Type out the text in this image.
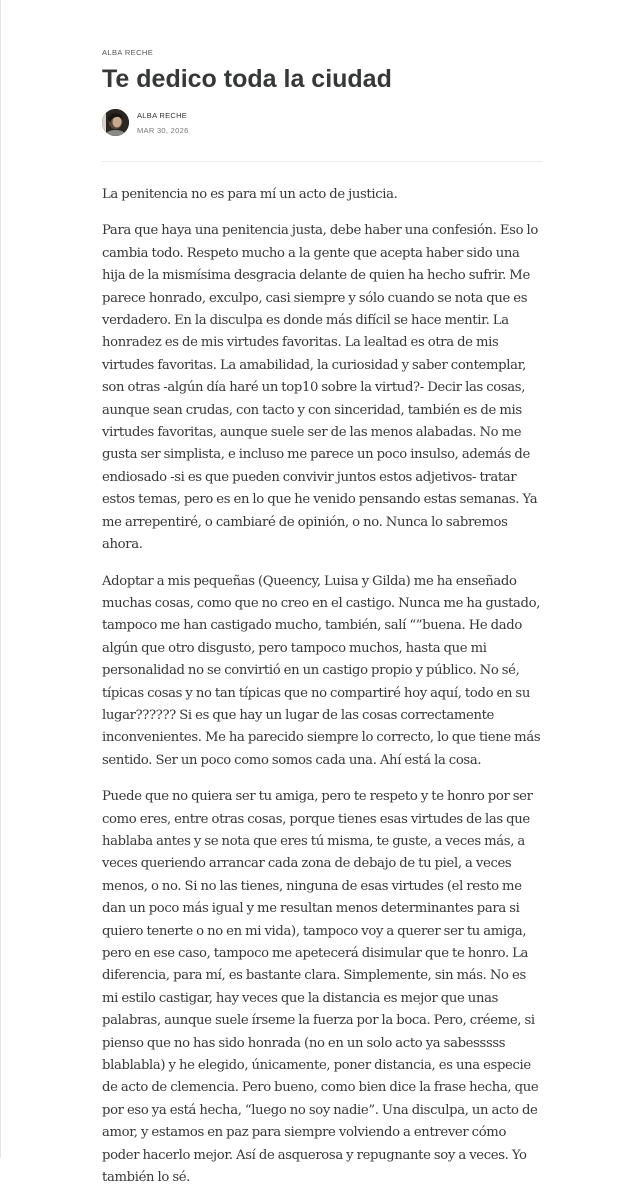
ALBA RECHE
Te dedico toda la ciudad
ALBA RECHE
MAR 30, 2026

La penitencia no es para mí un acto de justicia.

Para que haya una penitencia justa, debe haber una confesión. Eso lo cambia todo. Respeto mucho a la gente que acepta haber sido una hija de la mismísima desgracia delante de quien ha hecho sufrir. Me parece honrado, exculpo, casi siempre y sólo cuando se nota que es verdadero. En la disculpa es donde más difícil se hace mentir. La honradez es de mis virtudes favoritas. La lealtad es otra de mis virtudes favoritas. La amabilidad, la curiosidad y saber contemplar, son otras -algún día haré un top10 sobre la virtud?- Decir las cosas, aunque sean crudas, con tacto y con sinceridad, también es de mis virtudes favoritas, aunque suele ser de las menos alabadas. No me gusta ser simplista, e incluso me parece un poco insulso, además de endiosado -si es que pueden convivir juntos estos adjetivos- tratar estos temas, pero es en lo que he venido pensando estas semanas. Ya me arrepentiré, o cambiaré de opinión, o no. Nunca lo sabremos ahora.

Adoptar a mis pequeñas (Queency, Luisa y Gilda) me ha enseñado muchas cosas, como que no creo en el castigo. Nunca me ha gustado, tampoco me han castigado mucho, también, salí “”buena. He dado algún que otro disgusto, pero tampoco muchos, hasta que mi personalidad no se convirtió en un castigo propio y público. No sé, típicas cosas y no tan típicas que no compartiré hoy aquí, todo en su lugar?????? Si es que hay un lugar de las cosas correctamente inconvenientes. Me ha parecido siempre lo correcto, lo que tiene más sentido. Ser un poco como somos cada una. Ahí está la cosa.

Puede que no quiera ser tu amiga, pero te respeto y te honro por ser como eres, entre otras cosas, porque tienes esas virtudes de las que hablaba antes y se nota que eres tú misma, te guste, a veces más, a veces queriendo arrancar cada zona de debajo de tu piel, a veces menos, o no. Si no las tienes, ninguna de esas virtudes (el resto me dan un poco más igual y me resultan menos determinantes para si quiero tenerte o no en mi vida), tampoco voy a querer ser tu amiga, pero en ese caso, tampoco me apetecerá disimular que te honro. La diferencia, para mí, es bastante clara. Simplemente, sin más. No es mi estilo castigar, hay veces que la distancia es mejor que unas palabras, aunque suele írseme la fuerza por la boca. Pero, créeme, si pienso que no has sido honrada (no en un solo acto ya sabesssss blablabla) y he elegido, únicamente, poner distancia, es una especie de acto de clemencia. Pero bueno, como bien dice la frase hecha, que por eso ya está hecha, “luego no soy nadie”. Una disculpa, un acto de amor, y estamos en paz para siempre volviendo a entrever cómo poder hacerlo mejor. Así de asquerosa y repugnante soy a veces. Yo también lo sé.
